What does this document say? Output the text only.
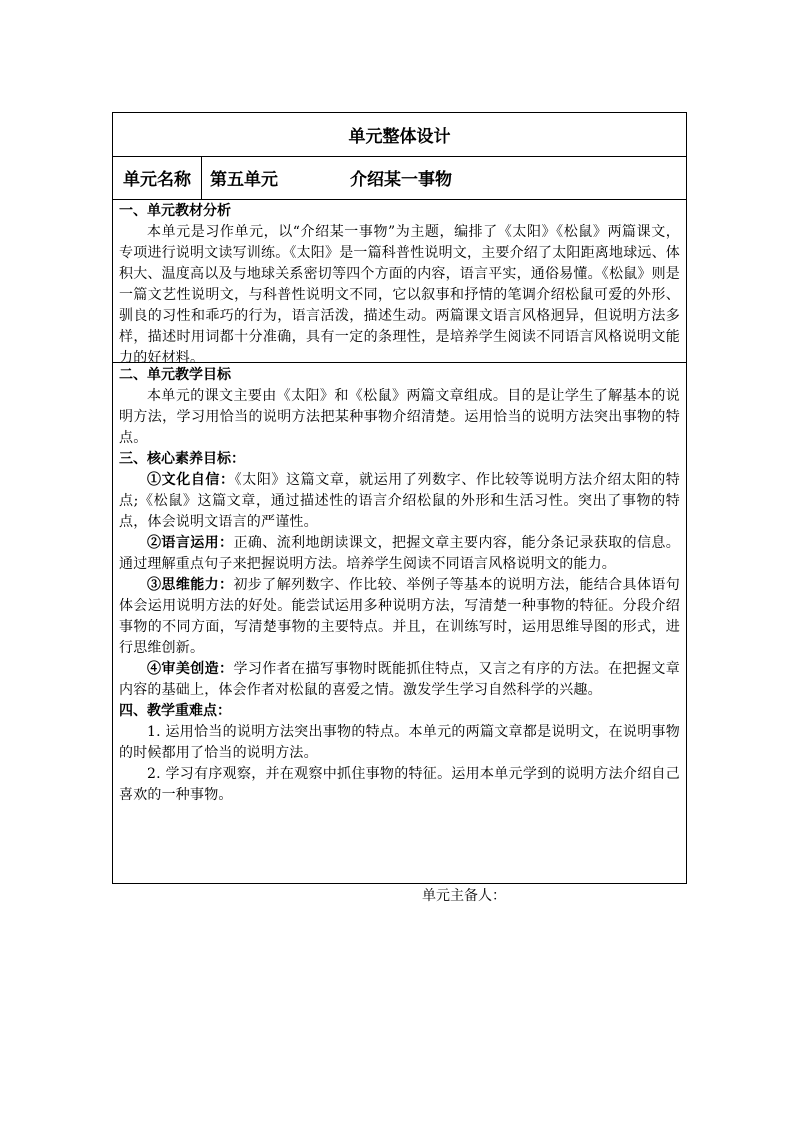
单元整体设计
单元名称	第五单元	介绍某一事物

一、单元教材分析

本单元是习作单元，以“介绍某一事物”为主题，编排了《太阳》《松鼠》两篇课文，专项进行说明文读写训练。《太阳》是一篇科普性说明文，主要介绍了太阳距离地球远、体积大、温度高以及与地球关系密切等四个方面的内容，语言平实，通俗易懂。《松鼠》则是一篇文艺性说明文，与科普性说明文不同，它以叙事和抒情的笔调介绍松鼠可爱的外形、驯良的习性和乖巧的行为，语言活泼，描述生动。两篇课文语言风格迥异，但说明方法多样，描述时用词都十分准确，具有一定的条理性，是培养学生阅读不同语言风格说明文能力的好材料。

二、单元教学目标

本单元的课文主要由《太阳》和《松鼠》两篇文章组成。目的是让学生了解基本的说明方法，学习用恰当的说明方法把某种事物介绍清楚。运用恰当的说明方法突出事物的特点。

三、核心素养目标：

①文化自信：《太阳》这篇文章，就运用了列数字、作比较等说明方法介绍太阳的特点;《松鼠》这篇文章，通过描述性的语言介绍松鼠的外形和生活习性。突出了事物的特点，体会说明文语言的严谨性。

②语言运用：正确、流利地朗读课文，把握文章主要内容，能分条记录获取的信息。通过理解重点句子来把握说明方法。培养学生阅读不同语言风格说明文的能力。

③思维能力：初步了解列数字、作比较、举例子等基本的说明方法，能结合具体语句体会运用说明方法的好处。能尝试运用多种说明方法，写清楚一种事物的特征。分段介绍事物的不同方面，写清楚事物的主要特点。并且，在训练写时，运用思维导图的形式，进行思维创新。

④审美创造：学习作者在描写事物时既能抓住特点，又言之有序的方法。在把握文章内容的基础上，体会作者对松鼠的喜爱之情。激发学生学习自然科学的兴趣。

四、教学重难点：

1. 运用恰当的说明方法突出事物的特点。本单元的两篇文章都是说明文，在说明事物的时候都用了恰当的说明方法。

2. 学习有序观察，并在观察中抓住事物的特征。运用本单元学到的说明方法介绍自己喜欢的一种事物。

单元主备人：
